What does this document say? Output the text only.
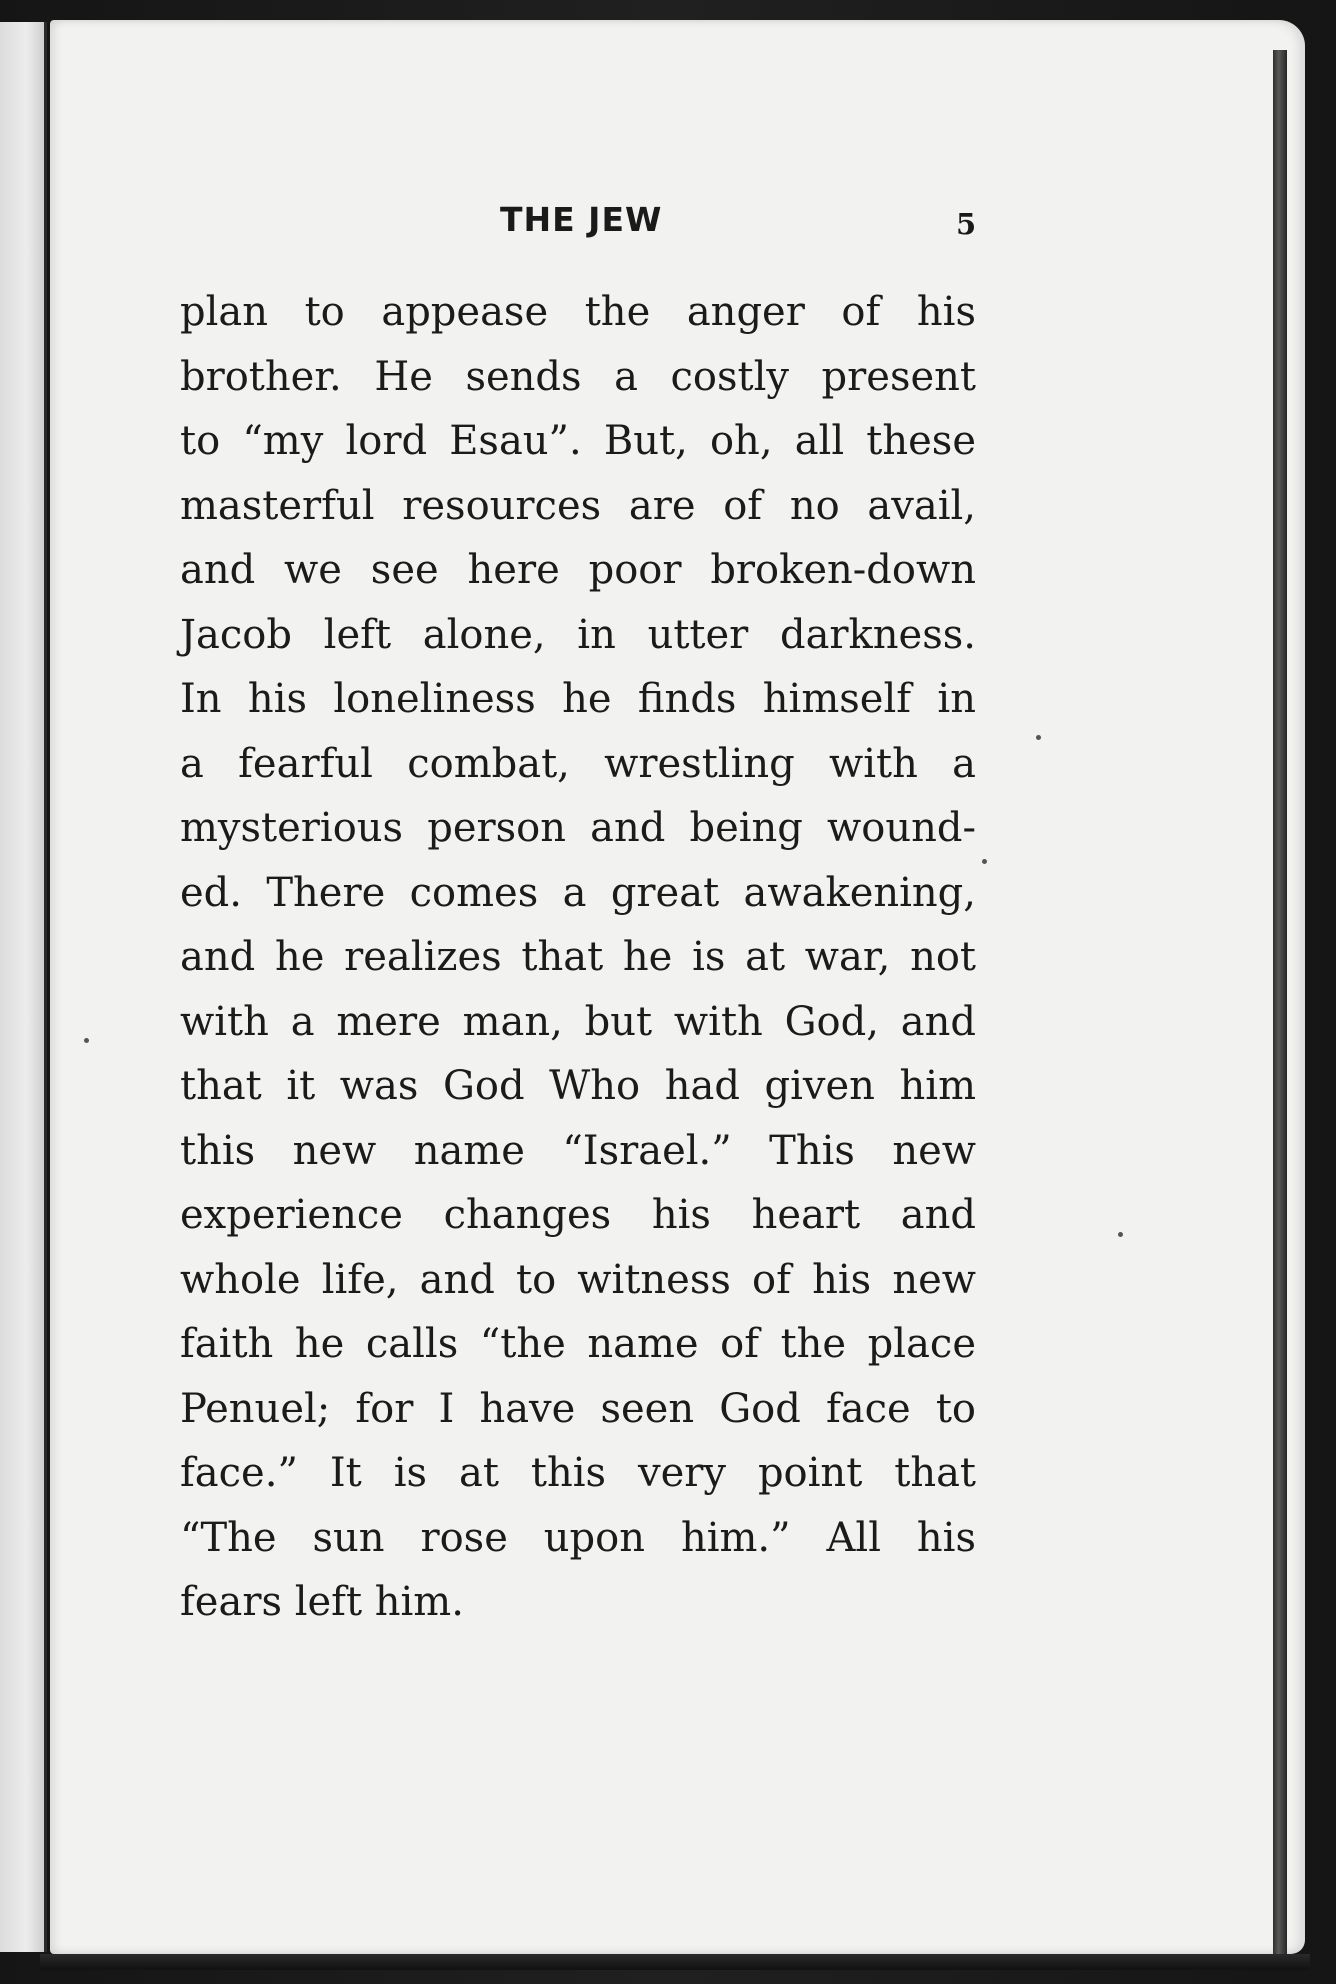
THE JEW	5
plan to appease the anger of his
brother. He sends a costly present
to “my lord Esau”. But, oh, all these
masterful resources are of no avail,
and we see here poor broken-down
Jacob left alone, in utter darkness.
In his loneliness he finds himself in
a fearful combat, wrestling with a
mysterious person and being wound-
ed. There comes a great awakening,
and he realizes that he is at war, not
with a mere man, but with God, and
that it was God Who had given him
this new name “Israel.” This new
experience changes his heart and
whole life, and to witness of his new
faith he calls “the name of the place
Penuel; for I have seen God face to
face.” It is at this very point that
“The sun rose upon him.” All his
fears left him.
